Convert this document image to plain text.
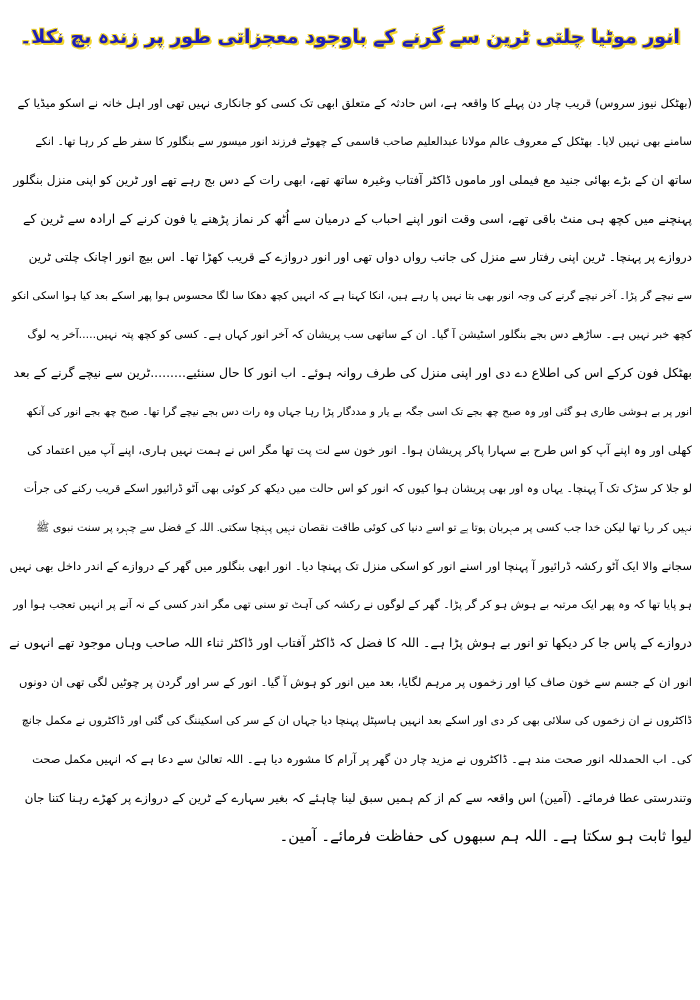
انور موٹیا چلتی ٹرین سے گرنے کے باوجود معجزاتی طور پر زندہ بچ نکلا۔
(بھٹکل نیوز سروس) قریب چار دن پہلے کا واقعہ ہے، اس حادثہ کے متعلق ابھی تک کسی کو جانکاری نہیں تھی اور اہل خانہ نے اسکو میڈیا کے
سامنے بھی نہیں لایا۔ بھٹکل کے معروف عالم مولانا عبدالعلیم صاحب قاسمی کے چھوٹے فرزند انور میسور سے بنگلور کا سفر طے کر رہا تھا۔ انکے
ساتھ ان کے بڑے بھائی جنید مع فیملی اور ماموں ڈاکٹر آفتاب وغیرہ ساتھ تھے، ابھی رات کے دس بج رہے تھے اور ٹرین کو اپنی منزل بنگلور
پہنچنے میں کچھ ہی منٹ باقی تھے، اسی وقت انور اپنے احباب کے درمیان سے اُٹھ کر نماز پڑھنے یا فون کرنے کے ارادہ سے ٹرین کے
دروازے پر پہنچا۔ ٹرین اپنی رفتار سے منزل کی جانب رواں دواں تھی اور انور دروازے کے قریب کھڑا تھا۔ اس بیچ انور اچانک چلتی ٹرین
سے نیچے گر پڑا۔ آخر نیچے گرنے کی وجہ انور بھی بتا نہیں پا رہے ہیں، انکا کہنا ہے کہ انہیں کچھ دھکا سا لگا محسوس ہوا پھر اسکے بعد کیا ہوا اسکی انکو
کچھ خبر نہیں ہے۔ ساڑھے دس بجے بنگلور اسٹیشن آ گیا۔ ان کے ساتھی سب پریشان کہ آخر انور کہاں ہے۔ کسی کو کچھ پتہ نہیں.....آخر یہ لوگ
بھٹکل فون کرکے اس کی اطلاع دے دی اور اپنی منزل کی طرف روانہ ہوئے۔ اب انور کا حال سنئیے.........ٹرین سے نیچے گرنے کے بعد
انور پر بے ہوشی طاری ہو گئی اور وہ صبح چھ بجے تک اسی جگہ بے یار و مددگار پڑا رہا جہاں وہ رات دس بجے نیچے گرا تھا۔ صبح چھ بجے انور کی آنکھ
کھلی اور وہ اپنے آپ کو اس طرح بے سہارا پاکر پریشان ہوا۔ انور خون سے لت پت تھا مگر اس نے ہمت نہیں ہاری، اپنے آپ میں اعتماد کی
لو جلا کر سڑک تک آ پہنچا۔ یہاں وہ اور بھی پریشان ہوا کیوں کہ انور کو اس حالت میں دیکھ کر کوئی بھی آٹو ڈرائیور اسکے قریب رکنے کی جرأت
نہیں کر رہا تھا لیکن خدا جب کسی پر مہربان ہوتا ہے تو اسے دنیا کی کوئی طاقت نقصان نہیں پہنچا سکتی۔ اللہ کے فضل سے چہرہ پر سنت نبوی ﷺ
سجانے والا ایک آٹو رکشہ ڈرائیور آ پہنچا اور اسنے انور کو اسکی منزل تک پہنچا دیا۔ انور ابھی بنگلور میں گھر کے دروازے کے اندر داخل بھی نہیں
ہو پایا تھا کہ وہ پھر ایک مرتبہ بے ہوش ہو کر گر پڑا۔ گھر کے لوگوں نے رکشہ کی آہٹ تو سنی تھی مگر اندر کسی کے نہ آنے پر انہیں تعجب ہوا اور
دروازے کے پاس جا کر دیکھا تو انور بے ہوش پڑا ہے۔ اللہ کا فضل کہ ڈاکٹر آفتاب اور ڈاکٹر ثناء اللہ صاحب وہاں موجود تھے انہوں نے
انور ان کے جسم سے خون صاف کیا اور زخموں پر مرہم لگایا، بعد میں انور کو ہوش آ گیا۔ انور کے سر اور گردن پر چوٹیں لگی تھی ان دونوں
ڈاکٹروں نے ان زخموں کی سلائی بھی کر دی اور اسکے بعد انہیں ہاسپٹل پہنچا دیا جہاں ان کے سر کی اسکیننگ کی گئی اور ڈاکٹروں نے مکمل جانچ
کی۔ اب الحمدللہ انور صحت مند ہے۔ ڈاکٹروں نے مزید چار دن گھر پر آرام کا مشورہ دیا ہے۔ اللہ تعالیٰ سے دعا ہے کہ انہیں مکمل صحت
وتندرستی عطا فرمائے۔ (آمین) اس واقعہ سے کم از کم ہمیں سبق لینا چاہئے کہ بغیر سہارے کے ٹرین کے دروازے پر کھڑے رہنا کتنا جان
لیوا ثابت ہو سکتا ہے۔ اللہ ہم سبھوں کی حفاظت فرمائے۔ آمین۔
